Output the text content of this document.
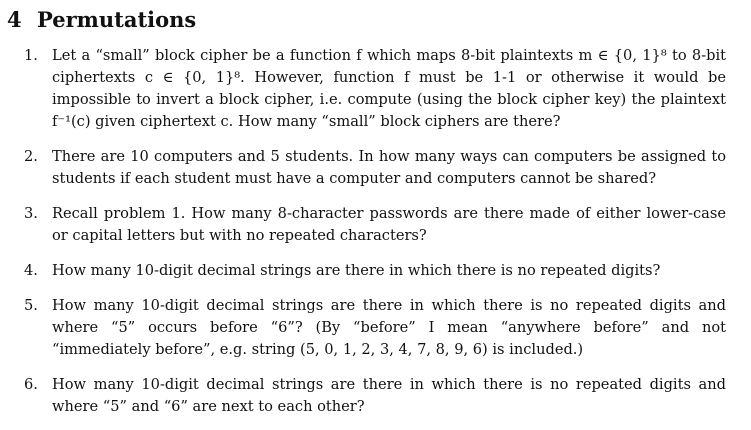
4 Permutations
1. Let a “small” block cipher be a function f which maps 8-bit plaintexts m ∈ {0, 1}⁸ to 8-bit ciphertexts c ∈ {0, 1}⁸. However, function f must be 1-1 or otherwise it would be impossible to invert a block cipher, i.e. compute (using the block cipher key) the plaintext f⁻¹(c) given ciphertext c. How many “small” block ciphers are there?
2. There are 10 computers and 5 students. In how many ways can computers be assigned to students if each student must have a computer and computers cannot be shared?
3. Recall problem 1. How many 8-character passwords are there made of either lower-case or capital letters but with no repeated characters?
4. How many 10-digit decimal strings are there in which there is no repeated digits?
5. How many 10-digit decimal strings are there in which there is no repeated digits and where “5” occurs before “6”? (By “before” I mean “anywhere before” and not “immediately before”, e.g. string (5, 0, 1, 2, 3, 4, 7, 8, 9, 6) is included.)
6. How many 10-digit decimal strings are there in which there is no repeated digits and where “5” and “6” are next to each other?
